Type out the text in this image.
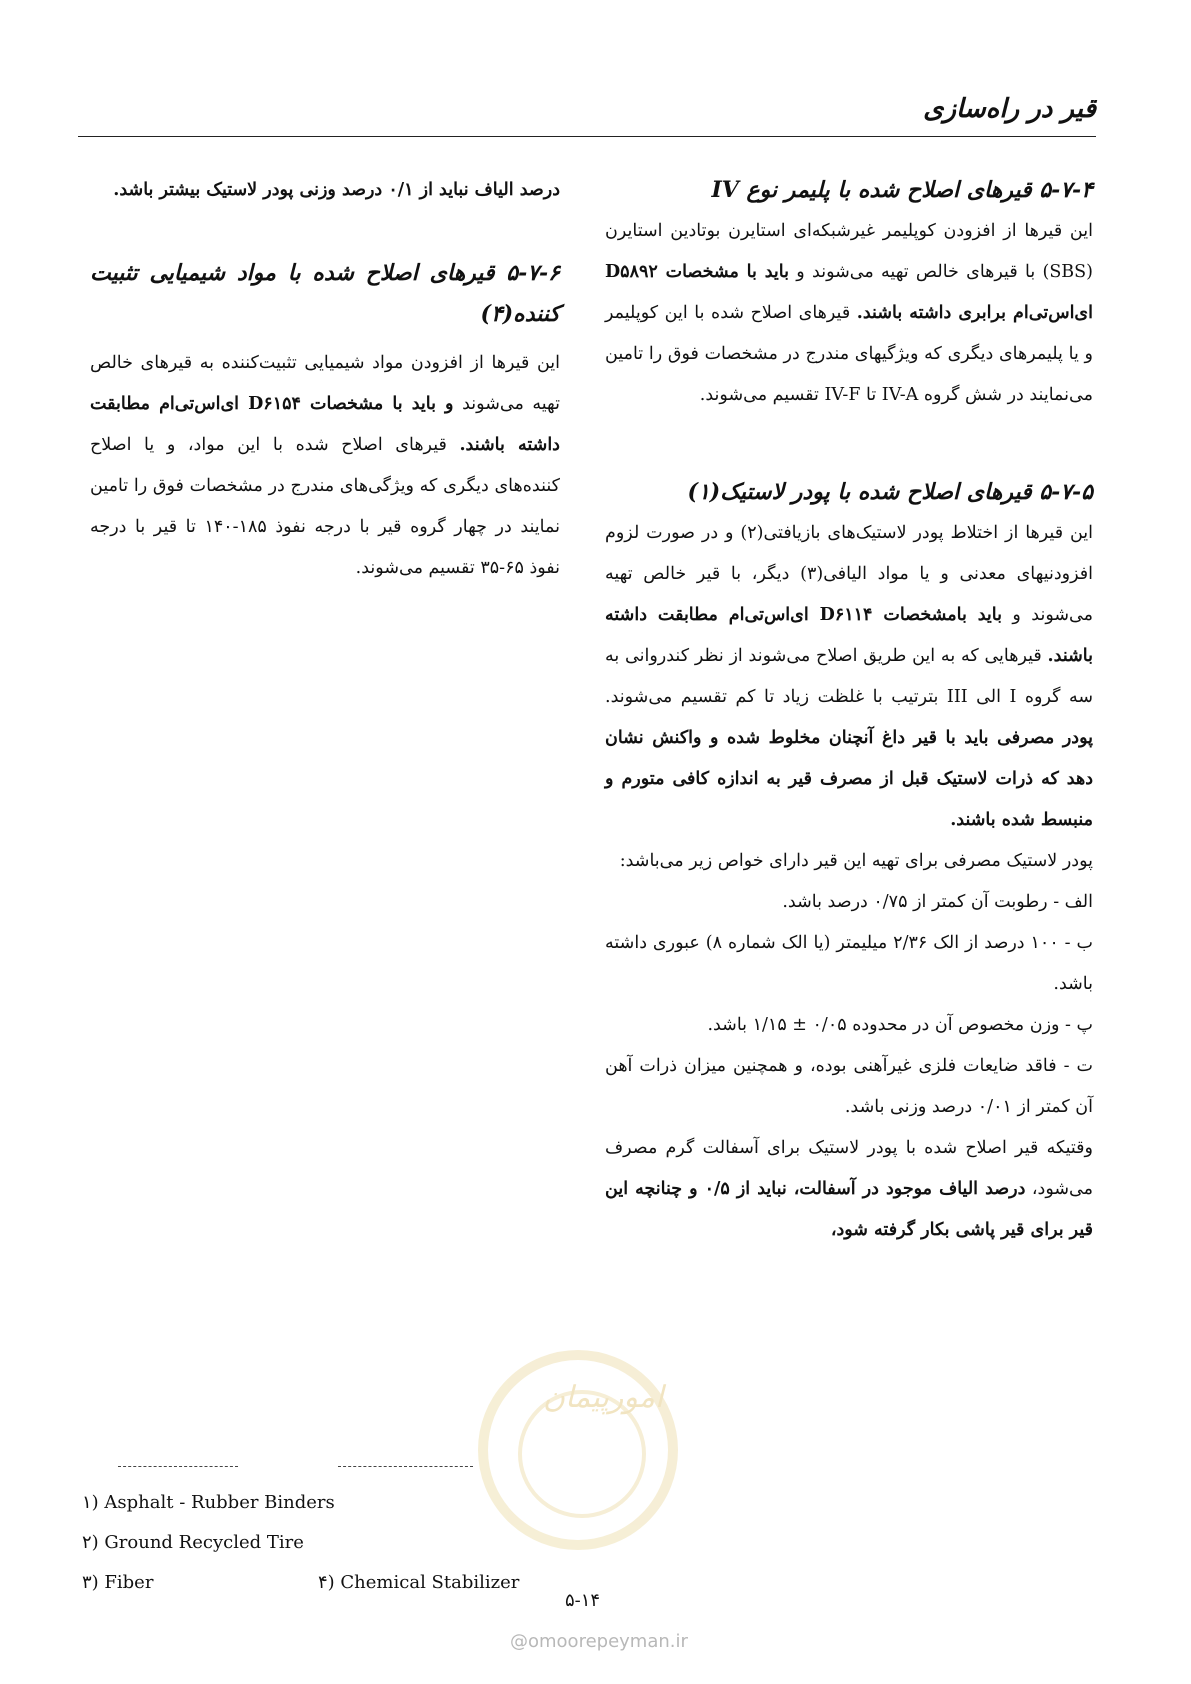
قیر در راه‌سازی

۵-۷-۴ قیرهای اصلاح شده با پلیمر نوع IV

این قیرها از افزودن کوپلیمر غیرشبکه‌ای استایرن بوتادین استایرن (SBS) با قیرهای خالص تهیه می‌شوند و باید با مشخصات D۵۸۹۲ ای‌اس‌تی‌ام برابری داشته باشند. قیرهای اصلاح شده با این کوپلیمر و یا پلیمرهای دیگری که ویژگیهای مندرج در مشخصات فوق را تامین می‌نمایند در شش گروه IV-A تا IV-F تقسیم می‌شوند.

۵-۷-۵ قیرهای اصلاح شده با پودر لاستیک(۱)

این قیرها از اختلاط پودر لاستیک‌های بازیافتی(۲) و در صورت لزوم افزودنیهای معدنی و یا مواد الیافی(۳) دیگر، با قیر خالص تهیه می‌شوند و باید بامشخصات D۶۱۱۴ ای‌اس‌تی‌ام مطابقت داشته باشند. قیرهایی که به این طریق اصلاح می‌شوند از نظر کندروانی به سه گروه I الی III بترتیب با غلظت زیاد تا کم تقسیم می‌شوند. پودر مصرفی باید با قیر داغ آنچنان مخلوط شده و واکنش نشان دهد که ذرات لاستیک قبل از مصرف قیر به اندازه کافی متورم و منبسط شده باشند.

پودر لاستیک مصرفی برای تهیه این قیر دارای خواص زیر می‌باشد:

الف - رطوبت آن کمتر از ۰/۷۵ درصد باشد.

ب - ۱۰۰ درصد از الک ۲/۳۶ میلیمتر (یا الک شماره ۸) عبوری داشته باشد.

پ - وزن مخصوص آن در محدوده ۰/۰۵ ± ۱/۱۵ باشد.

ت - فاقد ضایعات فلزی غیرآهنی بوده، و همچنین میزان ذرات آهن آن کمتر از ۰/۰۱ درصد وزنی باشد.

وقتیکه قیر اصلاح شده با پودر لاستیک برای آسفالت گرم مصرف می‌شود، درصد الیاف موجود در آسفالت، نباید از ۰/۵ و چنانچه این قیر برای قیر پاشی بکار گرفته شود،

درصد الیاف نباید از ۰/۱ درصد وزنی پودر لاستیک بیشتر باشد.

۵-۷-۶ قیرهای اصلاح شده با مواد شیمیایی تثبیت کننده(۴)

این قیرها از افزودن مواد شیمیایی تثبیت‌کننده به قیرهای خالص تهیه می‌شوند و باید با مشخصات D۶۱۵۴ ای‌اس‌تی‌ام مطابقت داشته باشند. قیرهای اصلاح شده با این مواد، و یا اصلاح کننده‌های دیگری که ویژگی‌های مندرج در مشخصات فوق را تامین نمایند در چهار گروه قیر با درجه نفوذ ۱۸۵-۱۴۰ تا قیر با درجه نفوذ ۶۵-۳۵ تقسیم می‌شوند.

۱) Asphalt - Rubber Binders
۲) Ground Recycled Tire
۳) Fiber	۴) Chemical Stabilizer
امورپیمان
۵-۱۴
@omoorepeyman.ir
